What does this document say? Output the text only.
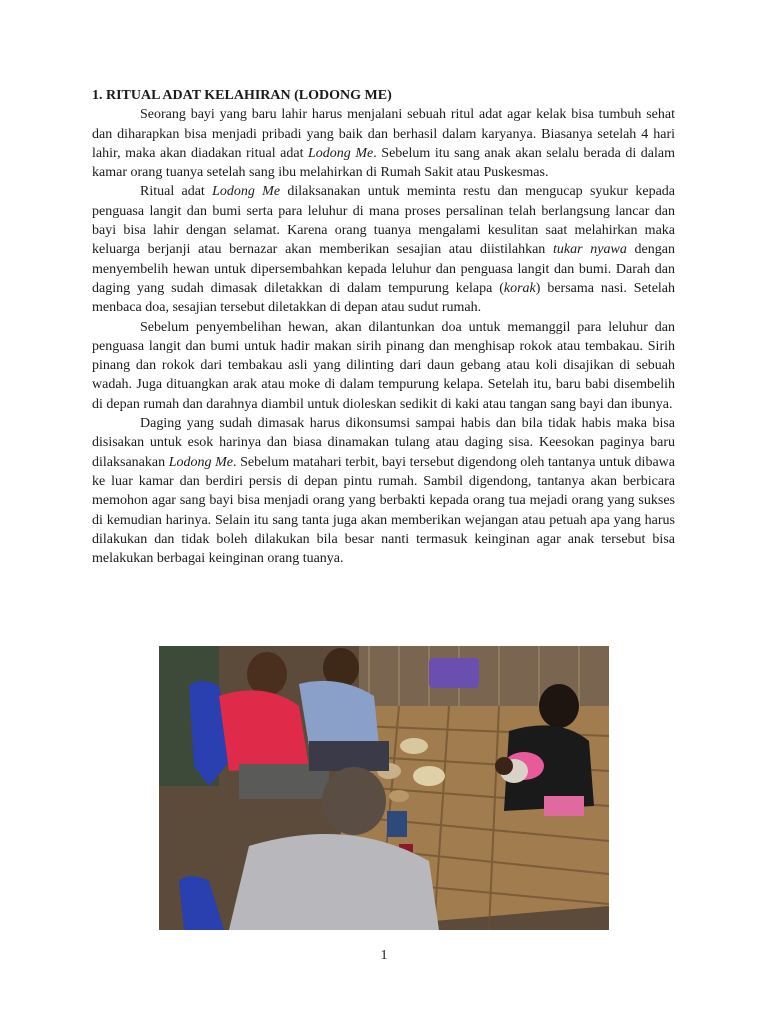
1. RITUAL ADAT KELAHIRAN (LODONG ME)

Seorang bayi yang baru lahir harus menjalani sebuah ritul adat agar kelak bisa tumbuh sehat dan diharapkan bisa menjadi pribadi yang baik dan berhasil dalam karyanya. Biasanya setelah 4 hari lahir, maka akan diadakan ritual adat Lodong Me. Sebelum itu sang anak akan selalu berada di dalam kamar orang tuanya setelah sang ibu melahirkan di Rumah Sakit atau Puskesmas.

Ritual adat Lodong Me dilaksanakan untuk meminta restu dan mengucap syukur kepada penguasa langit dan bumi serta para leluhur di mana proses persalinan telah berlangsung lancar dan bayi bisa lahir dengan selamat. Karena orang tuanya mengalami kesulitan saat melahirkan maka keluarga berjanji atau bernazar akan memberikan sesajian atau diistilahkan tukar nyawa dengan menyembelih hewan untuk dipersembahkan kepada leluhur dan penguasa langit dan bumi. Darah dan daging yang sudah dimasak diletakkan di dalam tempurung kelapa (korak) bersama nasi. Setelah menbaca doa, sesajian tersebut diletakkan di depan atau sudut rumah.

Sebelum penyembelihan hewan, akan dilantunkan doa untuk memanggil para leluhur dan penguasa langit dan bumi untuk hadir makan sirih pinang dan menghisap rokok atau tembakau. Sirih pinang dan rokok dari tembakau asli yang dilinting dari daun gebang atau koli disajikan di sebuah wadah. Juga dituangkan arak atau moke di dalam tempurung kelapa. Setelah itu, baru babi disembelih di depan rumah dan darahnya diambil untuk dioleskan sedikit di kaki atau tangan sang bayi dan ibunya.

Daging yang sudah dimasak harus dikonsumsi sampai habis dan bila tidak habis maka bisa disisakan untuk esok harinya dan biasa dinamakan tulang atau daging sisa. Keesokan paginya baru dilaksanakan Lodong Me. Sebelum matahari terbit, bayi tersebut digendong oleh tantanya untuk dibawa ke luar kamar dan berdiri persis di depan pintu rumah. Sambil digendong, tantanya akan berbicara memohon agar sang bayi bisa menjadi orang yang berbakti kepada orang tua mejadi orang yang sukses di kemudian harinya. Selain itu sang tanta juga akan memberikan wejangan atau petuah apa yang harus dilakukan dan tidak boleh dilakukan bila besar nanti termasuk keinginan agar anak tersebut bisa melakukan berbagai keinginan orang tuanya.

1
